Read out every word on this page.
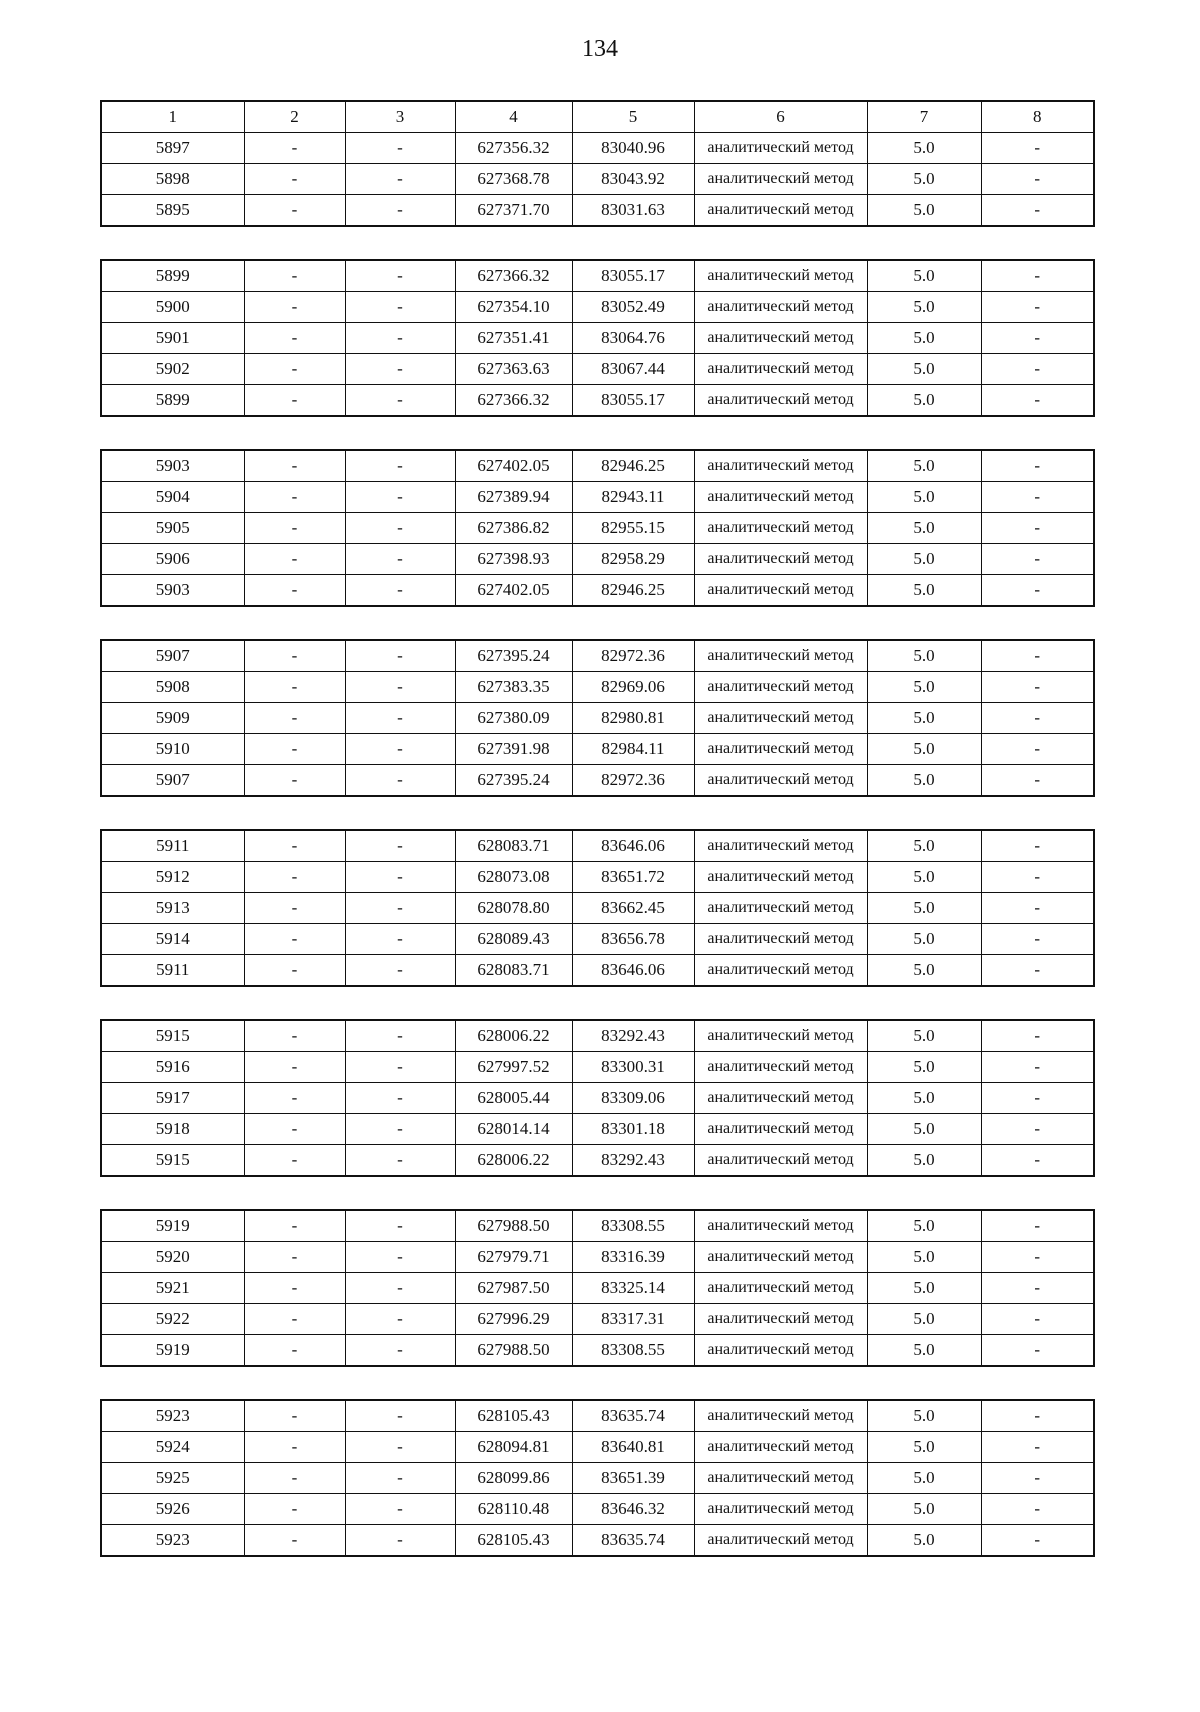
134
1	2	3	4	5	6	7	8
5897	-	-	627356.32	83040.96	аналитический метод	5.0	-
5898	-	-	627368.78	83043.92	аналитический метод	5.0	-
5895	-	-	627371.70	83031.63	аналитический метод	5.0	-
5899	-	-	627366.32	83055.17	аналитический метод	5.0	-
5900	-	-	627354.10	83052.49	аналитический метод	5.0	-
5901	-	-	627351.41	83064.76	аналитический метод	5.0	-
5902	-	-	627363.63	83067.44	аналитический метод	5.0	-
5899	-	-	627366.32	83055.17	аналитический метод	5.0	-
5903	-	-	627402.05	82946.25	аналитический метод	5.0	-
5904	-	-	627389.94	82943.11	аналитический метод	5.0	-
5905	-	-	627386.82	82955.15	аналитический метод	5.0	-
5906	-	-	627398.93	82958.29	аналитический метод	5.0	-
5903	-	-	627402.05	82946.25	аналитический метод	5.0	-
5907	-	-	627395.24	82972.36	аналитический метод	5.0	-
5908	-	-	627383.35	82969.06	аналитический метод	5.0	-
5909	-	-	627380.09	82980.81	аналитический метод	5.0	-
5910	-	-	627391.98	82984.11	аналитический метод	5.0	-
5907	-	-	627395.24	82972.36	аналитический метод	5.0	-
5911	-	-	628083.71	83646.06	аналитический метод	5.0	-
5912	-	-	628073.08	83651.72	аналитический метод	5.0	-
5913	-	-	628078.80	83662.45	аналитический метод	5.0	-
5914	-	-	628089.43	83656.78	аналитический метод	5.0	-
5911	-	-	628083.71	83646.06	аналитический метод	5.0	-
5915	-	-	628006.22	83292.43	аналитический метод	5.0	-
5916	-	-	627997.52	83300.31	аналитический метод	5.0	-
5917	-	-	628005.44	83309.06	аналитический метод	5.0	-
5918	-	-	628014.14	83301.18	аналитический метод	5.0	-
5915	-	-	628006.22	83292.43	аналитический метод	5.0	-
5919	-	-	627988.50	83308.55	аналитический метод	5.0	-
5920	-	-	627979.71	83316.39	аналитический метод	5.0	-
5921	-	-	627987.50	83325.14	аналитический метод	5.0	-
5922	-	-	627996.29	83317.31	аналитический метод	5.0	-
5919	-	-	627988.50	83308.55	аналитический метод	5.0	-
5923	-	-	628105.43	83635.74	аналитический метод	5.0	-
5924	-	-	628094.81	83640.81	аналитический метод	5.0	-
5925	-	-	628099.86	83651.39	аналитический метод	5.0	-
5926	-	-	628110.48	83646.32	аналитический метод	5.0	-
5923	-	-	628105.43	83635.74	аналитический метод	5.0	-
